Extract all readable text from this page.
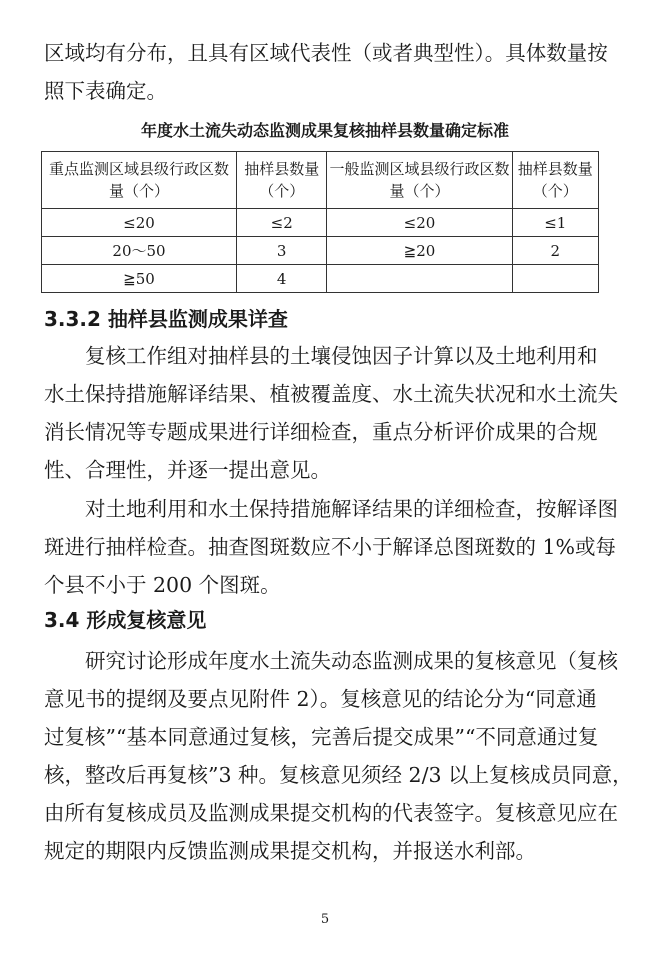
区域均有分布，且具有区域代表性（或者典型性）。具体数量按
照下表确定。

年度水土流失动态监测成果复核抽样县数量确定标准
重点监测区域县级行政区数量（个）	抽样县数量（个）	一般监测区域县级行政区数量（个）	抽样县数量（个）
≤20	≤2	≤20	≤1
20～50	3	≧20	2
≧50	4		
3.3.2 抽样县监测成果详查

复核工作组对抽样县的土壤侵蚀因子计算以及土地利用和
水土保持措施解译结果、植被覆盖度、水土流失状况和水土流失
消长情况等专题成果进行详细检查，重点分析评价成果的合规
性、合理性，并逐一提出意见。

对土地利用和水土保持措施解译结果的详细检查，按解译图
斑进行抽样检查。抽查图斑数应不小于解译总图斑数的 1%或每
个县不小于 200 个图斑。

3.4 形成复核意见

研究讨论形成年度水土流失动态监测成果的复核意见（复核
意见书的提纲及要点见附件 2）。复核意见的结论分为“同意通
过复核”“基本同意通过复核，完善后提交成果”“不同意通过复
核，整改后再复核”3 种。复核意见须经 2/3 以上复核成员同意，
由所有复核成员及监测成果提交机构的代表签字。复核意见应在
规定的期限内反馈监测成果提交机构，并报送水利部。

5
